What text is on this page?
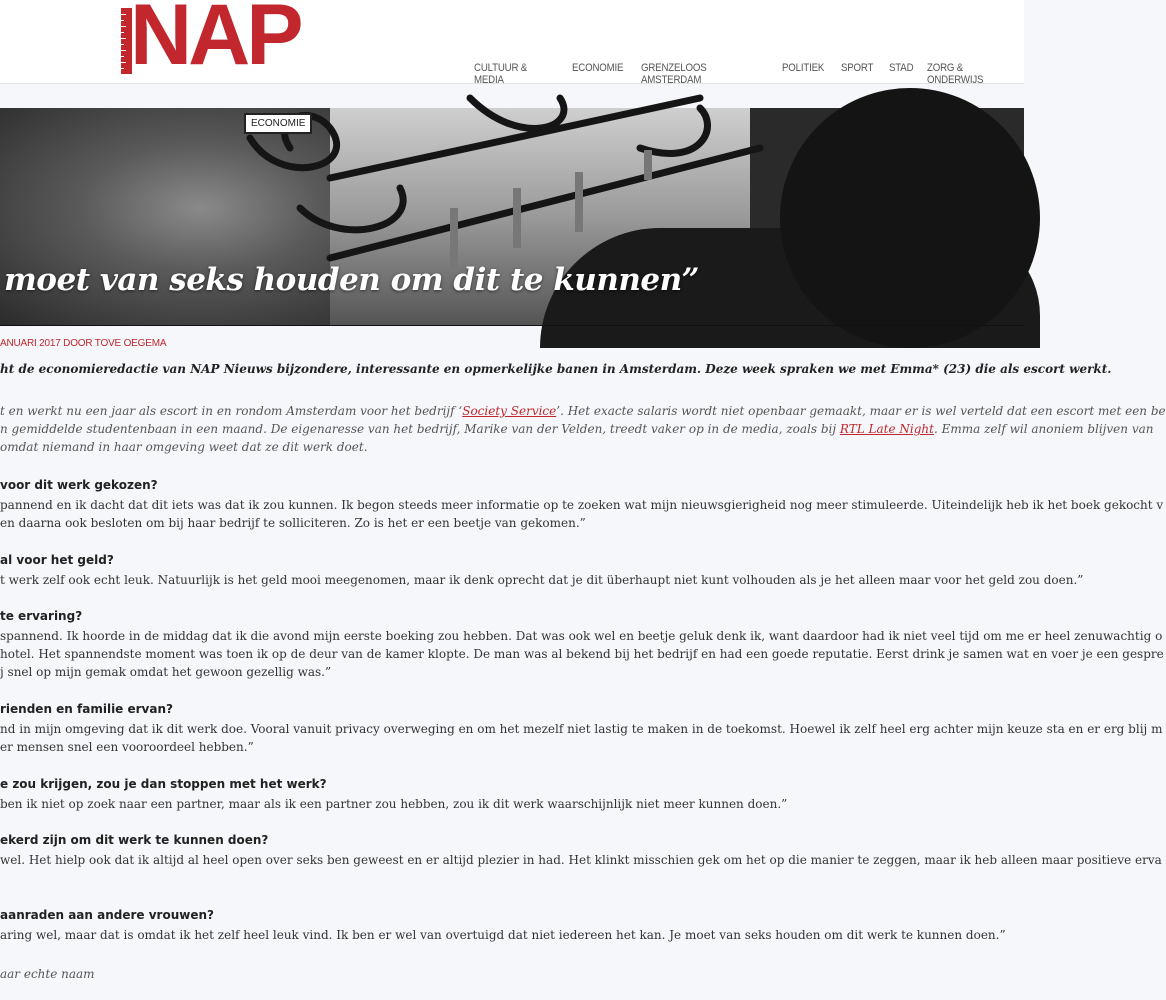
NAP	CULTUUR & MEDIA
ECONOMIE GRENZELOOS AMSTERDAM
POLITIEK SPORT STAD ZORG & ONDERWIJS
ECONOMIE
moet van seks houden om dit te kunnen”
ANUARI 2017 DOOR TOVE OEGEMA
ht de economieredactie van NAP Nieuws bijzondere, interessante en opmerkelijke banen in Amsterdam. Deze week spraken we met Emma* (23) die als escort werkt.

t en werkt nu een jaar als escort in en rondom Amsterdam voor het bedrijf ‘Society Service’. Het exacte salaris wordt niet openbaar gemaakt, maar er is wel verteld dat een escort met een be

n gemiddelde studentenbaan in een maand. De eigenaresse van het bedrijf, Marike van der Velden, treedt vaker op in de media, zoals bij RTL Late Night. Emma zelf wil anoniem blijven van

omdat niemand in haar omgeving weet dat ze dit werk doet.

voor dit werk gekozen?
pannend en ik dacht dat dit iets was dat ik zou kunnen. Ik begon steeds meer informatie op te zoeken wat mijn nieuwsgierigheid nog meer stimuleerde. Uiteindelijk heb ik het boek gekocht v
en daarna ook besloten om bij haar bedrijf te solliciteren. Zo is het er een beetje van gekomen.”
al voor het geld?
t werk zelf ook echt leuk. Natuurlijk is het geld mooi meegenomen, maar ik denk oprecht dat je dit überhaupt niet kunt volhouden als je het alleen maar voor het geld zou doen.”
te ervaring?
spannend. Ik hoorde in de middag dat ik die avond mijn eerste boeking zou hebben. Dat was ook wel en beetje geluk denk ik, want daardoor had ik niet veel tijd om me er heel zenuwachtig o
hotel. Het spannendste moment was toen ik op de deur van de kamer klopte. De man was al bekend bij het bedrijf en had een goede reputatie. Eerst drink je samen wat en voer je een gespre
j snel op mijn gemak omdat het gewoon gezellig was.”
rienden en familie ervan?
nd in mijn omgeving dat ik dit werk doe. Vooral vanuit privacy overweging en om het mezelf niet lastig te maken in de toekomst. Hoewel ik zelf heel erg achter mijn keuze sta en er erg blij m
er mensen snel een vooroordeel hebben.”
e zou krijgen, zou je dan stoppen met het werk?
ben ik niet op zoek naar een partner, maar als ik een partner zou hebben, zou ik dit werk waarschijnlijk niet meer kunnen doen.”
ekerd zijn om dit werk te kunnen doen?
wel. Het hielp ook dat ik altijd al heel open over seks ben geweest en er altijd plezier in had. Het klinkt misschien gek om het op die manier te zeggen, maar ik heb alleen maar positieve erva
aanraden aan andere vrouwen?
aring wel, maar dat is omdat ik het zelf heel leuk vind. Ik ben er wel van overtuigd dat niet iedereen het kan. Je moet van seks houden om dit werk te kunnen doen.”
aar echte naam
